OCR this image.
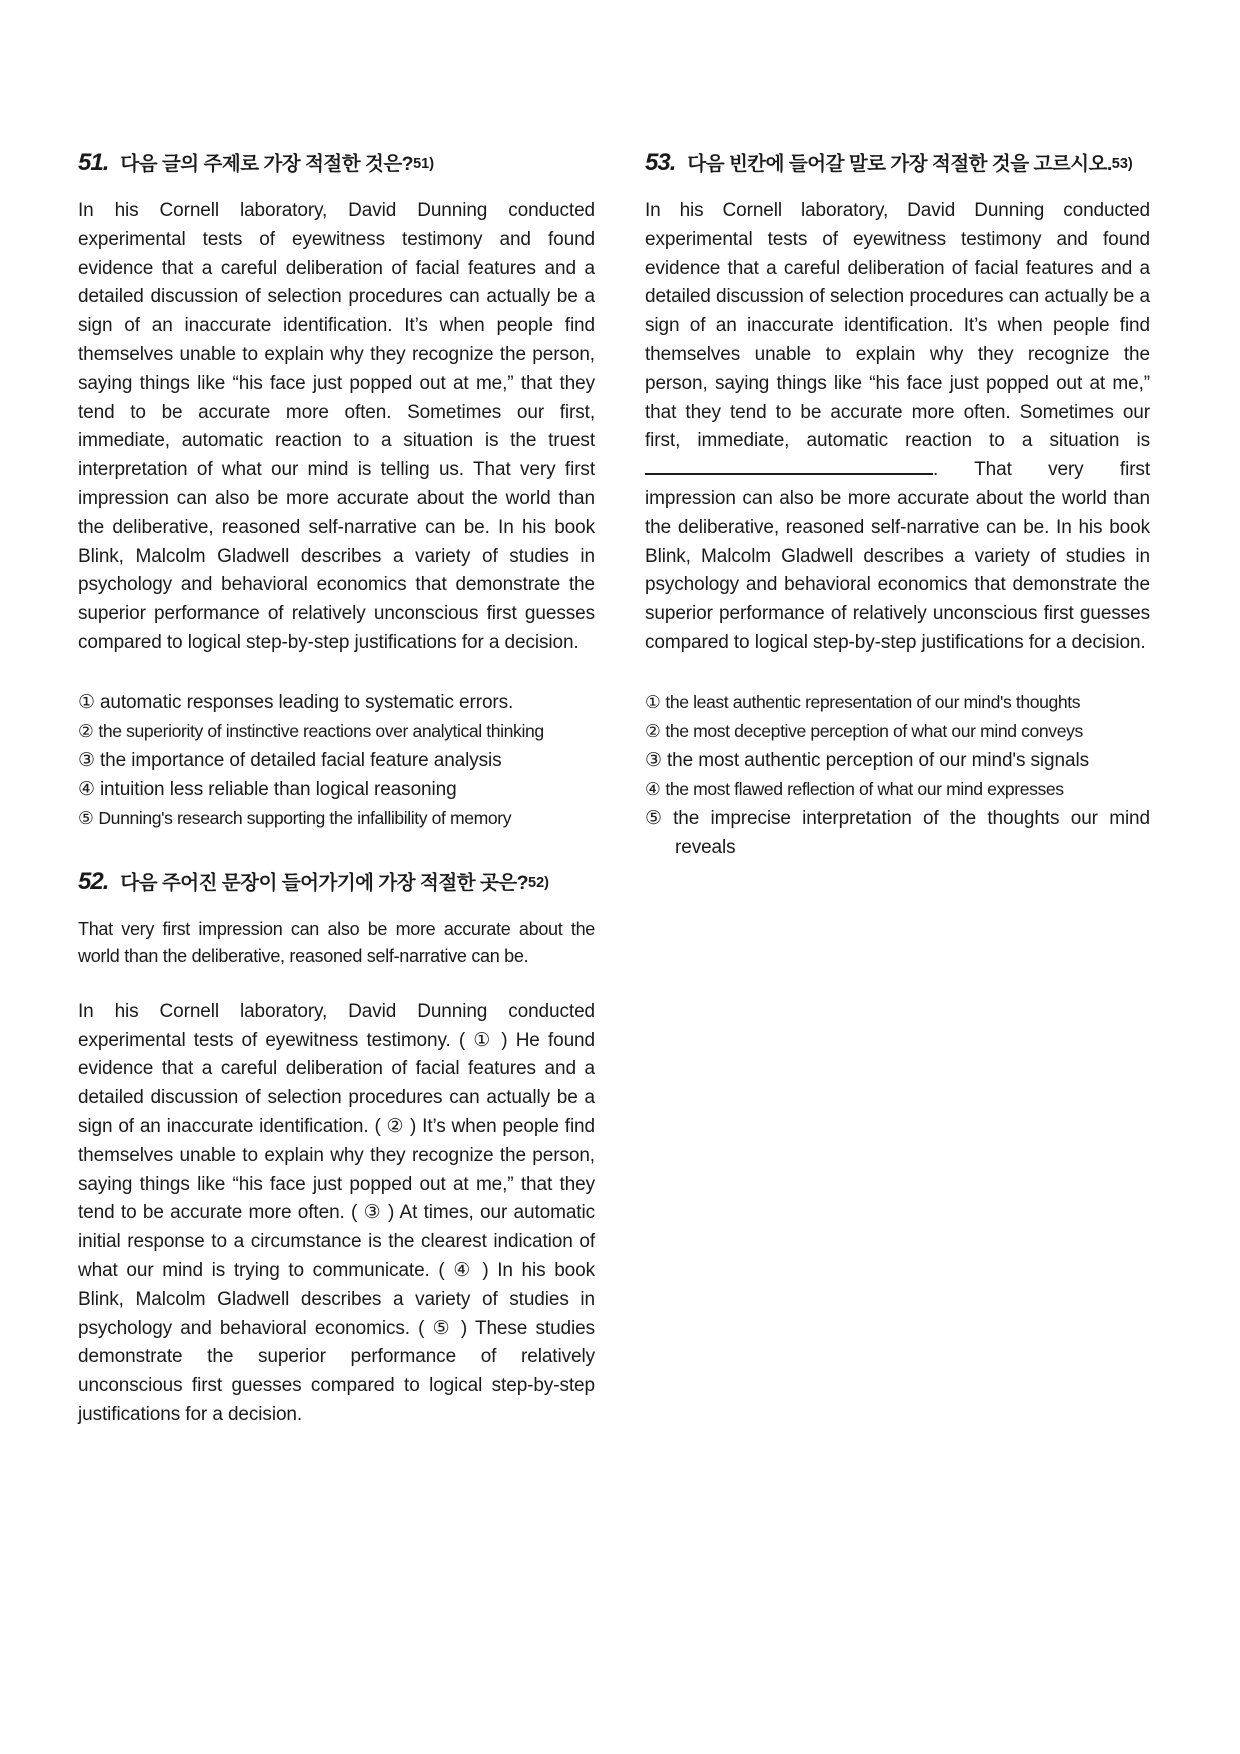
51. 다음 글의 주제로 가장 적절한 것은?51)

In his Cornell laboratory, David Dunning conducted experimental tests of eyewitness testimony and found evidence that a careful deliberation of facial features and a detailed discussion of selection procedures can actually be a sign of an inaccurate identification. It’s when people find themselves unable to explain why they recognize the person, saying things like “his face just popped out at me,” that they tend to be accurate more often. Sometimes our first, immediate, automatic reaction to a situation is the truest interpretation of what our mind is telling us. That very first impression can also be more accurate about the world than the deliberative, reasoned self-narrative can be. In his book Blink, Malcolm Gladwell describes a variety of studies in psychology and behavioral economics that demonstrate the superior performance of relatively unconscious first guesses compared to logical step-by-step justifications for a decision.

① automatic responses leading to systematic errors.
② the superiority of instinctive reactions over analytical thinking
③ the importance of detailed facial feature analysis
④ intuition less reliable than logical reasoning
⑤ Dunning's research supporting the infallibility of memory

52. 다음 주어진 문장이 들어가기에 가장 적절한 곳은?52)

That very first impression can also be more accurate about the world than the deliberative, reasoned self-narrative can be.

In his Cornell laboratory, David Dunning conducted experimental tests of eyewitness testimony. ( ① ) He found evidence that a careful deliberation of facial features and a detailed discussion of selection procedures can actually be a sign of an inaccurate identification. ( ② ) It’s when people find themselves unable to explain why they recognize the person, saying things like “his face just popped out at me,” that they tend to be accurate more often. ( ③ ) At times, our automatic initial response to a circumstance is the clearest indication of what our mind is trying to communicate. ( ④ ) In his book Blink, Malcolm Gladwell describes a variety of studies in psychology and behavioral economics. ( ⑤ ) These studies demonstrate the superior performance of relatively unconscious first guesses compared to logical step-by-step justifications for a decision.

53. 다음 빈칸에 들어갈 말로 가장 적절한 것을 고르시오.53)

In his Cornell laboratory, David Dunning conducted experimental tests of eyewitness testimony and found evidence that a careful deliberation of facial features and a detailed discussion of selection procedures can actually be a sign of an inaccurate identification. It’s when people find themselves unable to explain why they recognize the person, saying things like “his face just popped out at me,” that they tend to be accurate more often. Sometimes our first, immediate, automatic reaction to a situation is . That very first impression can also be more accurate about the world than the deliberative, reasoned self-narrative can be. In his book Blink, Malcolm Gladwell describes a variety of studies in psychology and behavioral economics that demonstrate the superior performance of relatively unconscious first guesses compared to logical step-by-step justifications for a decision.

① the least authentic representation of our mind's thoughts
② the most deceptive perception of what our mind conveys
③ the most authentic perception of our mind's signals
④ the most flawed reflection of what our mind expresses
⑤ the imprecise interpretation of the thoughts our mind reveals
